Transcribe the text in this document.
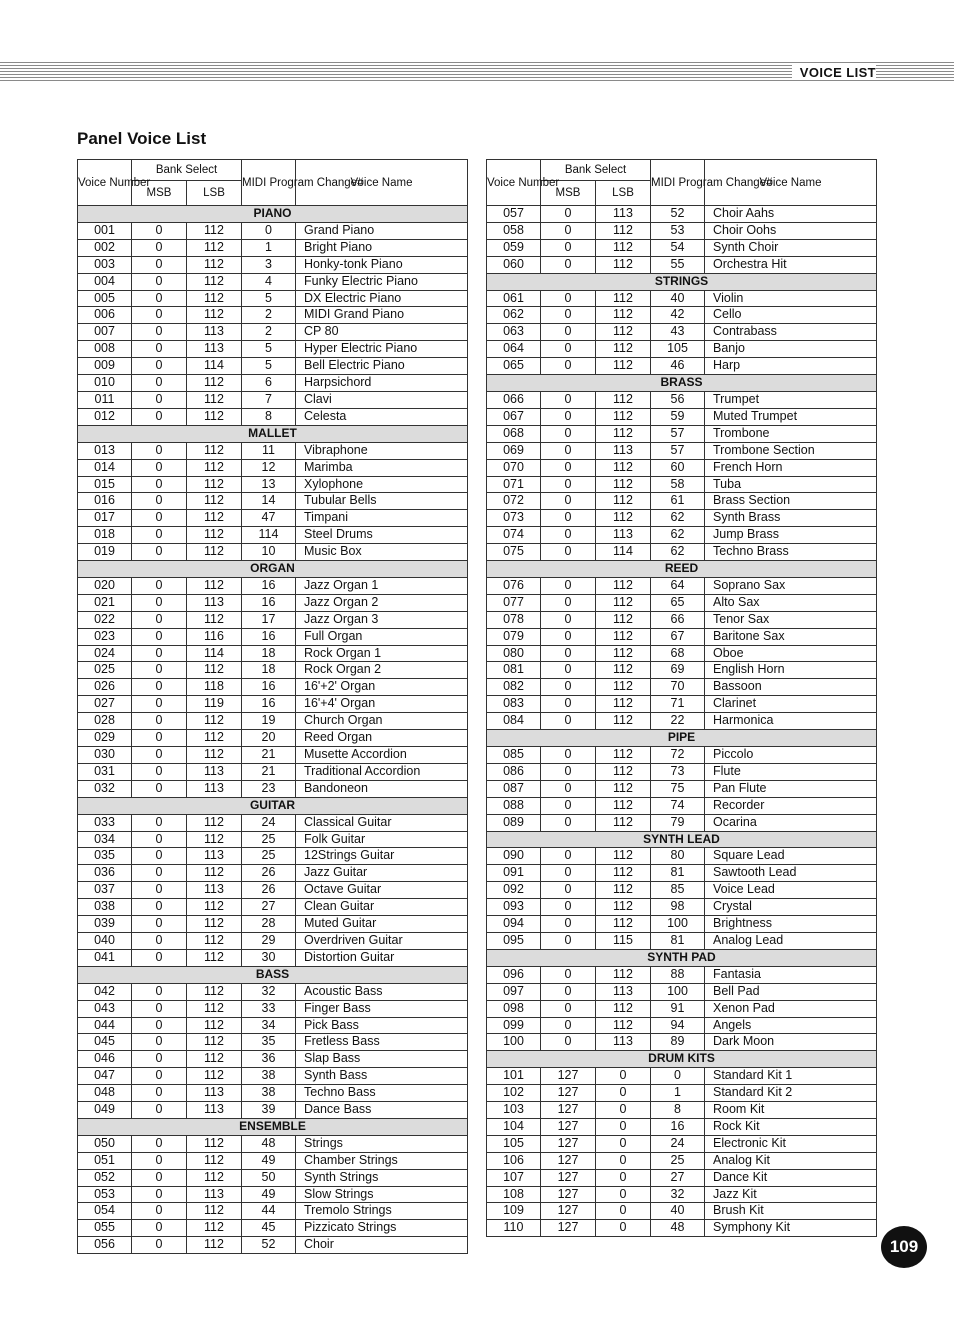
VOICE LIST
Panel Voice List
Voice Number	Bank Select		MIDI Program Change#	Voice Name
	MSB	LSB		
PIANO				
001	0	112	0	Grand Piano
002	0	112	1	Bright Piano
003	0	112	3	Honky-tonk Piano
004	0	112	4	Funky Electric Piano
005	0	112	5	DX Electric Piano
006	0	112	2	MIDI Grand Piano
007	0	113	2	CP 80
008	0	113	5	Hyper Electric Piano
009	0	114	5	Bell Electric Piano
010	0	112	6	Harpsichord
011	0	112	7	Clavi
012	0	112	8	Celesta
MALLET				
013	0	112	11	Vibraphone
014	0	112	12	Marimba
015	0	112	13	Xylophone
016	0	112	14	Tubular Bells
017	0	112	47	Timpani
018	0	112	114	Steel Drums
019	0	112	10	Music Box
ORGAN				
020	0	112	16	Jazz Organ 1
021	0	113	16	Jazz Organ 2
022	0	112	17	Jazz Organ 3
023	0	116	16	Full Organ
024	0	114	18	Rock Organ 1
025	0	112	18	Rock Organ 2
026	0	118	16	16'+2' Organ
027	0	119	16	16'+4' Organ
028	0	112	19	Church Organ
029	0	112	20	Reed Organ
030	0	112	21	Musette Accordion
031	0	113	21	Traditional Accordion
032	0	113	23	Bandoneon
GUITAR				
033	0	112	24	Classical Guitar
034	0	112	25	Folk Guitar
035	0	113	25	12Strings Guitar
036	0	112	26	Jazz Guitar
037	0	113	26	Octave Guitar
038	0	112	27	Clean Guitar
039	0	112	28	Muted Guitar
040	0	112	29	Overdriven Guitar
041	0	112	30	Distortion Guitar
BASS				
042	0	112	32	Acoustic Bass
043	0	112	33	Finger Bass
044	0	112	34	Pick Bass
045	0	112	35	Fretless Bass
046	0	112	36	Slap Bass
047	0	112	38	Synth Bass
048	0	113	38	Techno Bass
049	0	113	39	Dance Bass
ENSEMBLE				
050	0	112	48	Strings
051	0	112	49	Chamber Strings
052	0	112	50	Synth Strings
053	0	113	49	Slow Strings
054	0	112	44	Tremolo Strings
055	0	112	45	Pizzicato Strings
056	0	112	52	Choir
Voice Number	Bank Select		MIDI Program Change#	Voice Name
	MSB	LSB		
057	0	113	52	Choir Aahs
058	0	112	53	Choir Oohs
059	0	112	54	Synth Choir
060	0	112	55	Orchestra Hit
STRINGS				
061	0	112	40	Violin
062	0	112	42	Cello
063	0	112	43	Contrabass
064	0	112	105	Banjo
065	0	112	46	Harp
BRASS				
066	0	112	56	Trumpet
067	0	112	59	Muted Trumpet
068	0	112	57	Trombone
069	0	113	57	Trombone Section
070	0	112	60	French Horn
071	0	112	58	Tuba
072	0	112	61	Brass Section
073	0	112	62	Synth Brass
074	0	113	62	Jump Brass
075	0	114	62	Techno Brass
REED				
076	0	112	64	Soprano Sax
077	0	112	65	Alto Sax
078	0	112	66	Tenor Sax
079	0	112	67	Baritone Sax
080	0	112	68	Oboe
081	0	112	69	English Horn
082	0	112	70	Bassoon
083	0	112	71	Clarinet
084	0	112	22	Harmonica
PIPE				
085	0	112	72	Piccolo
086	0	112	73	Flute
087	0	112	75	Pan Flute
088	0	112	74	Recorder
089	0	112	79	Ocarina
SYNTH LEAD				
090	0	112	80	Square Lead
091	0	112	81	Sawtooth Lead
092	0	112	85	Voice Lead
093	0	112	98	Crystal
094	0	112	100	Brightness
095	0	115	81	Analog Lead
SYNTH PAD				
096	0	112	88	Fantasia
097	0	113	100	Bell Pad
098	0	112	91	Xenon Pad
099	0	112	94	Angels
100	0	113	89	Dark Moon
DRUM KITS				
101	127	0	0	Standard Kit 1
102	127	0	1	Standard Kit 2
103	127	0	8	Room Kit
104	127	0	16	Rock Kit
105	127	0	24	Electronic Kit
106	127	0	25	Analog Kit
107	127	0	27	Dance Kit
108	127	0	32	Jazz Kit
109	127	0	40	Brush Kit
110	127	0	48	Symphony Kit
109
